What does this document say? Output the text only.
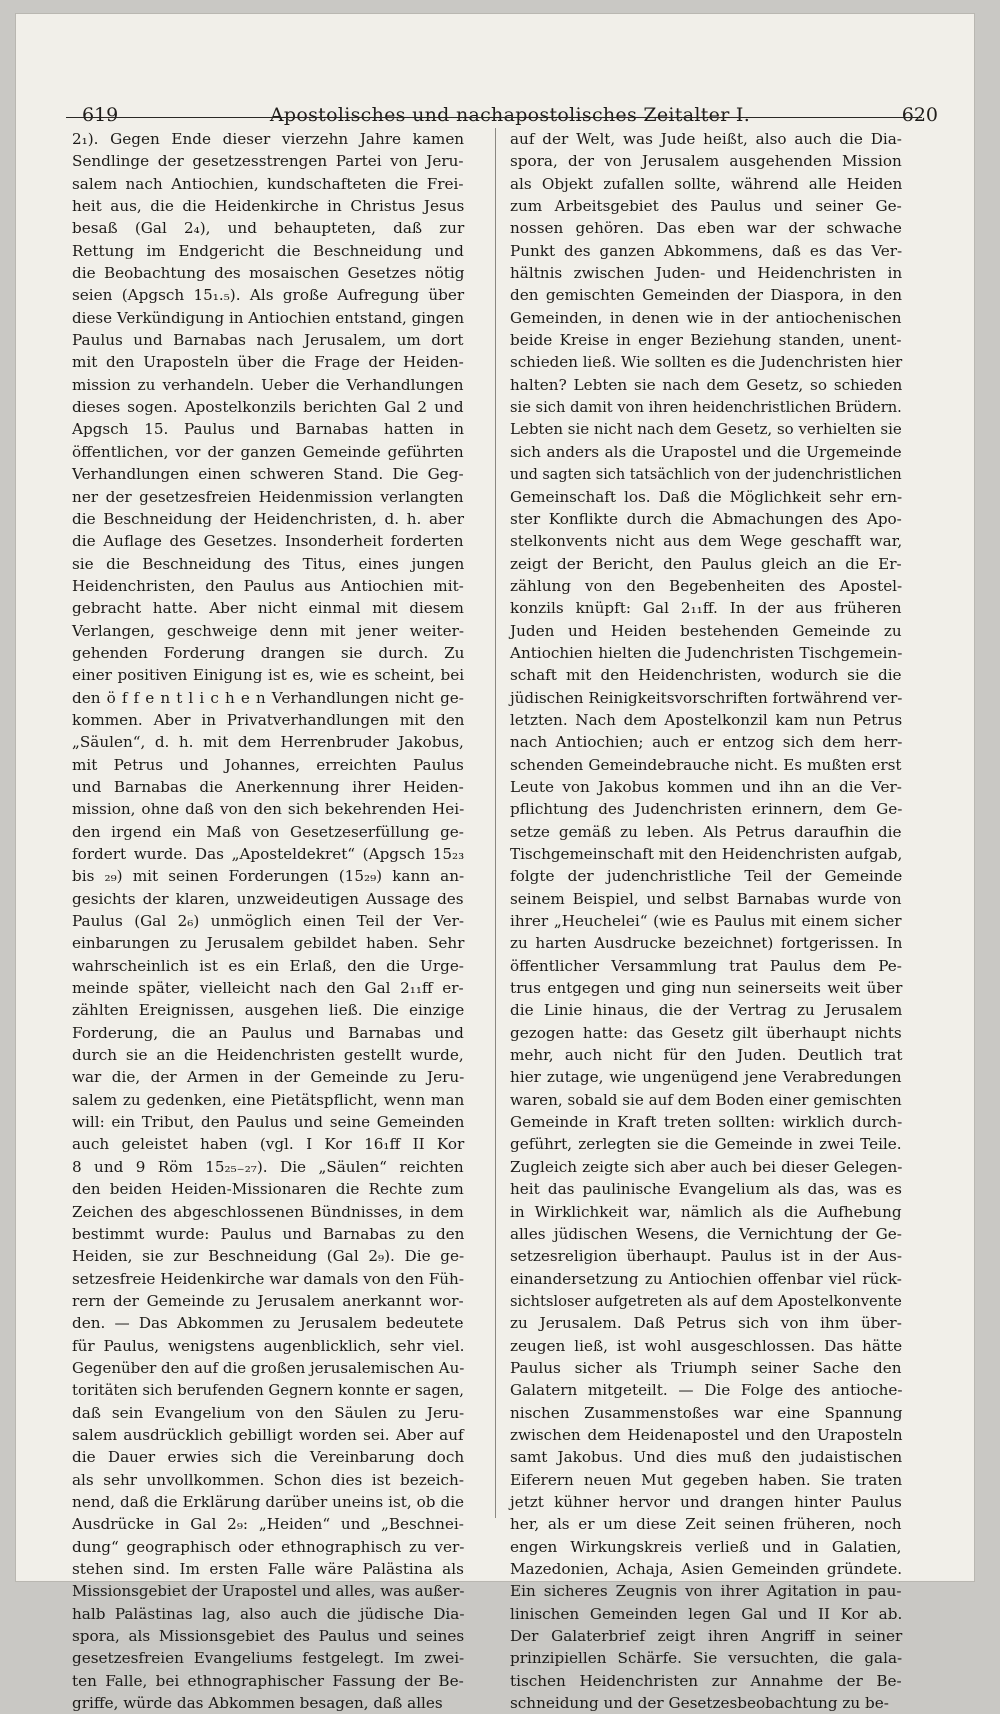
619	Apostolisches und nachapostolisches Zeitalter I.	620
2₁). Gegen Ende dieser vierzehn Jahre kamen
Sendlinge der gesetzesstrengen Partei von Jeru-
salem nach Antiochien, kundschafteten die Frei-
heit aus, die die Heidenkirche in Christus Jesus
besaß (Gal 2₄), und behaupteten, daß zur
Rettung im Endgericht die Beschneidung und
die Beobachtung des mosaischen Gesetzes nötig
seien (Apgsch 15₁.₅). Als große Aufregung über
diese Verkündigung in Antiochien entstand, gingen
Paulus und Barnabas nach Jerusalem, um dort
mit den Uraposteln über die Frage der Heiden-
mission zu verhandeln. Ueber die Verhandlungen
dieses sogen. Apostelkonzils berichten Gal 2 und
Apgsch 15. Paulus und Barnabas hatten in
öffentlichen, vor der ganzen Gemeinde geführten
Verhandlungen einen schweren Stand. Die Geg-
ner der gesetzesfreien Heidenmission verlangten
die Beschneidung der Heidenchristen, d. h. aber
die Auflage des Gesetzes. Insonderheit forderten
sie die Beschneidung des Titus, eines jungen
Heidenchristen, den Paulus aus Antiochien mit-
gebracht hatte. Aber nicht einmal mit diesem
Verlangen, geschweige denn mit jener weiter-
gehenden Forderung drangen sie durch. Zu
einer positiven Einigung ist es, wie es scheint, bei
den ö f f e n t l i c h e n Verhandlungen nicht ge-
kommen. Aber in Privatverhandlungen mit den
„Säulen“, d. h. mit dem Herrenbruder Jakobus,
mit Petrus und Johannes, erreichten Paulus
und Barnabas die Anerkennung ihrer Heiden-
mission, ohne daß von den sich bekehrenden Hei-
den irgend ein Maß von Gesetzeserfüllung ge-
fordert wurde. Das „Aposteldekret“ (Apgsch 15₂₃
bis ₂₉) mit seinen Forderungen (15₂₉) kann an-
gesichts der klaren, unzweideutigen Aussage des
Paulus (Gal 2₆) unmöglich einen Teil der Ver-
einbarungen zu Jerusalem gebildet haben. Sehr
wahrscheinlich ist es ein Erlaß, den die Urge-
meinde später, vielleicht nach den Gal 2₁₁ff er-
zählten Ereignissen, ausgehen ließ. Die einzige
Forderung, die an Paulus und Barnabas und
durch sie an die Heidenchristen gestellt wurde,
war die, der Armen in der Gemeinde zu Jeru-
salem zu gedenken, eine Pietätspflicht, wenn man
will: ein Tribut, den Paulus und seine Gemeinden
auch geleistet haben (vgl. I Kor 16₁ff II Kor
8 und 9 Röm 15₂₅₋₂₇). Die „Säulen“ reichten
den beiden Heiden-Missionaren die Rechte zum
Zeichen des abgeschlossenen Bündnisses, in dem
bestimmt wurde: Paulus und Barnabas zu den
Heiden, sie zur Beschneidung (Gal 2₉). Die ge-
setzesfreie Heidenkirche war damals von den Füh-
rern der Gemeinde zu Jerusalem anerkannt wor-
den. — Das Abkommen zu Jerusalem bedeutete
für Paulus, wenigstens augenblicklich, sehr viel.
Gegenüber den auf die großen jerusalemischen Au-
toritäten sich berufenden Gegnern konnte er sagen,
daß sein Evangelium von den Säulen zu Jeru-
salem ausdrücklich gebilligt worden sei. Aber auf
die Dauer erwies sich die Vereinbarung doch
als sehr unvollkommen. Schon dies ist bezeich-
nend, daß die Erklärung darüber uneins ist, ob die
Ausdrücke in Gal 2₉: „Heiden“ und „Beschnei-
dung“ geographisch oder ethnographisch zu ver-
stehen sind. Im ersten Falle wäre Palästina als
Missionsgebiet der Urapostel und alles, was außer-
halb Palästinas lag, also auch die jüdische Dia-
spora, als Missionsgebiet des Paulus und seines
gesetzesfreien Evangeliums festgelegt. Im zwei-
ten Falle, bei ethnographischer Fassung der Be-
griffe, würde das Abkommen besagen, daß alles
auf der Welt, was Jude heißt, also auch die Dia-
spora, der von Jerusalem ausgehenden Mission
als Objekt zufallen sollte, während alle Heiden
zum Arbeitsgebiet des Paulus und seiner Ge-
nossen gehören. Das eben war der schwache
Punkt des ganzen Abkommens, daß es das Ver-
hältnis zwischen Juden- und Heidenchristen in
den gemischten Gemeinden der Diaspora, in den
Gemeinden, in denen wie in der antiochenischen
beide Kreise in enger Beziehung standen, unent-
schieden ließ. Wie sollten es die Judenchristen hier
halten? Lebten sie nach dem Gesetz, so schieden
sie sich damit von ihren heidenchristlichen Brüdern.
Lebten sie nicht nach dem Gesetz, so verhielten sie
sich anders als die Urapostel und die Urgemeinde
und sagten sich tatsächlich von der judenchristlichen
Gemeinschaft los. Daß die Möglichkeit sehr ern-
ster Konflikte durch die Abmachungen des Apo-
stelkonvents nicht aus dem Wege geschafft war,
zeigt der Bericht, den Paulus gleich an die Er-
zählung von den Begebenheiten des Apostel-
konzils knüpft: Gal 2₁₁ff. In der aus früheren
Juden und Heiden bestehenden Gemeinde zu
Antiochien hielten die Judenchristen Tischgemein-
schaft mit den Heidenchristen, wodurch sie die
jüdischen Reinigkeitsvorschriften fortwährend ver-
letzten. Nach dem Apostelkonzil kam nun Petrus
nach Antiochien; auch er entzog sich dem herr-
schenden Gemeindebrauche nicht. Es mußten erst
Leute von Jakobus kommen und ihn an die Ver-
pflichtung des Judenchristen erinnern, dem Ge-
setze gemäß zu leben. Als Petrus daraufhin die
Tischgemeinschaft mit den Heidenchristen aufgab,
folgte der judenchristliche Teil der Gemeinde
seinem Beispiel, und selbst Barnabas wurde von
ihrer „Heuchelei“ (wie es Paulus mit einem sicher
zu harten Ausdrucke bezeichnet) fortgerissen. In
öffentlicher Versammlung trat Paulus dem Pe-
trus entgegen und ging nun seinerseits weit über
die Linie hinaus, die der Vertrag zu Jerusalem
gezogen hatte: das Gesetz gilt überhaupt nichts
mehr, auch nicht für den Juden. Deutlich trat
hier zutage, wie ungenügend jene Verabredungen
waren, sobald sie auf dem Boden einer gemischten
Gemeinde in Kraft treten sollten: wirklich durch-
geführt, zerlegten sie die Gemeinde in zwei Teile.
Zugleich zeigte sich aber auch bei dieser Gelegen-
heit das paulinische Evangelium als das, was es
in Wirklichkeit war, nämlich als die Aufhebung
alles jüdischen Wesens, die Vernichtung der Ge-
setzesreligion überhaupt. Paulus ist in der Aus-
einandersetzung zu Antiochien offenbar viel rück-
sichtsloser aufgetreten als auf dem Apostelkonvente
zu Jerusalem. Daß Petrus sich von ihm über-
zeugen ließ, ist wohl ausgeschlossen. Das hätte
Paulus sicher als Triumph seiner Sache den
Galatern mitgeteilt. — Die Folge des antioche-
nischen Zusammenstoßes war eine Spannung
zwischen dem Heidenapostel und den Uraposteln
samt Jakobus. Und dies muß den judaistischen
Eiferern neuen Mut gegeben haben. Sie traten
jetzt kühner hervor und drangen hinter Paulus
her, als er um diese Zeit seinen früheren, noch
engen Wirkungskreis verließ und in Galatien,
Mazedonien, Achaja, Asien Gemeinden gründete.
Ein sicheres Zeugnis von ihrer Agitation in pau-
linischen Gemeinden legen Gal und II Kor ab.
Der Galaterbrief zeigt ihren Angriff in seiner
prinzipiellen Schärfe. Sie versuchten, die gala-
tischen Heidenchristen zur Annahme der Be-
schneidung und der Gesetzesbeobachtung zu be-
